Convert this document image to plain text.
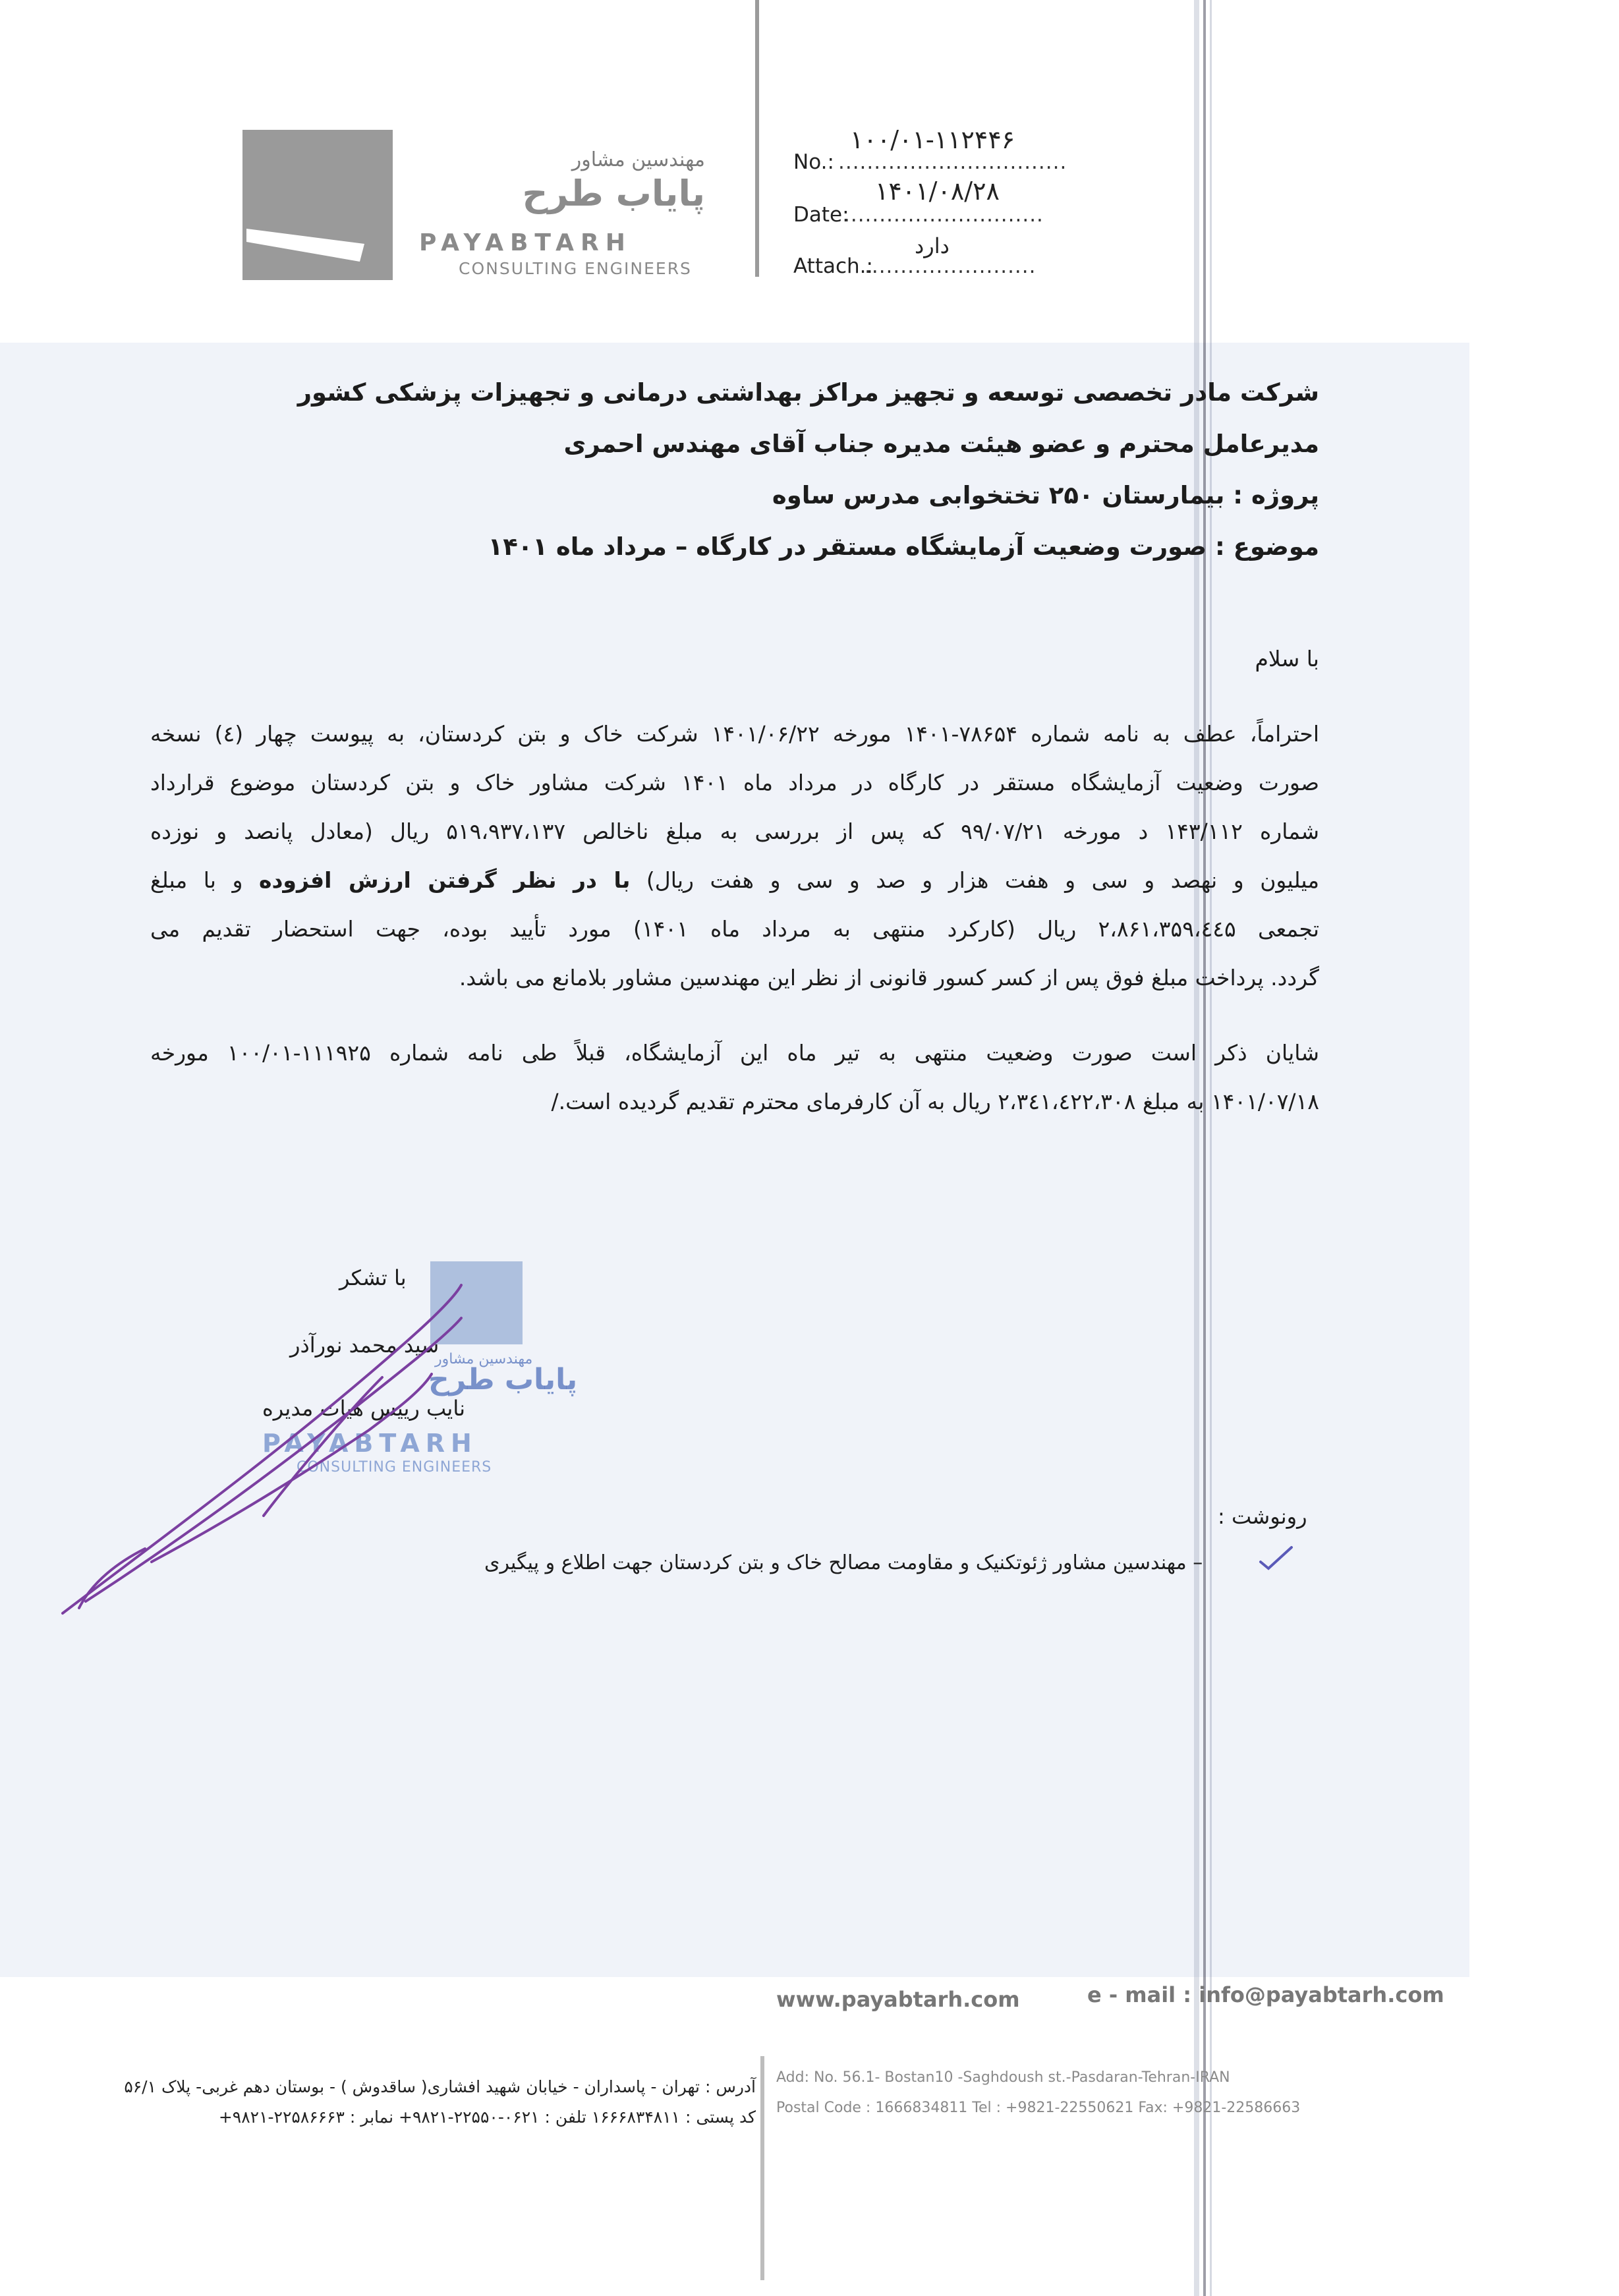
مهندسین مشاور
پایاب طرح
PAYABTARH
CONSULTING ENGINEERS
۱۰۰/۰۱-۱۱۲۴۴۶
No.: ................................
۱۴۰۱/۰۸/۲۸
Date:
............................
دارد
Attach.:
........................
شرکت مادر تخصصی توسعه و تجهیز مراکز بهداشتی درمانی و تجهیزات پزشکی کشور
مدیرعامل محترم و عضو هیئت مدیره جناب آقای مهندس احمری
پروژه : بیمارستان ۲۵۰ تختخوابی مدرس ساوه
موضوع : صورت وضعیت آزمایشگاه مستقر در کارگاه – مرداد ماه ۱۴۰۱
با سلام
احتراماً، عطف به نامه شماره ۷۸۶۵۴-۱۴۰۱ مورخه ۱۴۰۱/۰۶/۲۲ شرکت خاک و بتن کردستان، به پیوست چهار (٤) نسخه
صورت وضعیت آزمایشگاه مستقر در کارگاه در مرداد ماه ۱۴۰۱ شرکت مشاور خاک و بتن کردستان موضوع قرارداد
شماره ۱۴۳/۱۱۲ د مورخه ۹۹/۰۷/۲۱ که پس از بررسی به مبلغ ناخالص ۵۱۹،۹۳۷،۱۳۷ ریال (معادل پانصد و نوزده
میلیون و نهصد و سی و هفت هزار و صد و سی و هفت ریال) با در نظر گرفتن ارزش افزوده و با مبلغ
تجمعی ۲،۸۶۱،۳۵۹،٤٤۵ ریال (کارکرد منتهی به مرداد ماه ۱۴۰۱) مورد تأیید بوده، جهت استحضار تقدیم می
گردد. پرداخت مبلغ فوق پس از کسر کسور قانونی از نظر این مهندسین مشاور بلامانع می باشد.
شایان ذکر است صورت وضعیت منتهی به تیر ماه این آزمایشگاه، قبلاً طی نامه شماره ۱۱۱۹۲۵-۱۰۰/۰۱ مورخه
۱۴۰۱/۰۷/۱۸ به مبلغ ۲،۳٤۱،٤۲۲،۳۰۸ ریال به آن کارفرمای محترم تقدیم گردیده است./
مهندسین مشاور
پایاب طرح
PAYABTARH
CONSULTING ENGINEERS
با تشکر
سید محمد نورآذر
نایب رییس هیات مدیره
رونوشت :
– مهندسین مشاور ژئوتکنیک و مقاومت مصالح خاک و بتن کردستان جهت اطلاع و پیگیری
www.payabtarh.com	e - mail : info@payabtarh.com
Add: No. 56.1- Bostan10 -Saghdoush st.-Pasdaran-Tehran-IRAN
Postal Code : 1666834811 Tel : +9821-22550621 Fax: +9821-22586663
آدرس : تهران - پاسداران - خیابان شهید افشاری( ساقدوش ) - بوستان دهم غربی- پلاک ۵۶/۱
کد پستی : ۱۶۶۶۸۳۴۸۱۱ تلفن : ۰۶۲۱-۲۲۵۵۰-۹۸۲۱+ نمابر : ۲۲۵۸۶۶۶۳-۹۸۲۱+
